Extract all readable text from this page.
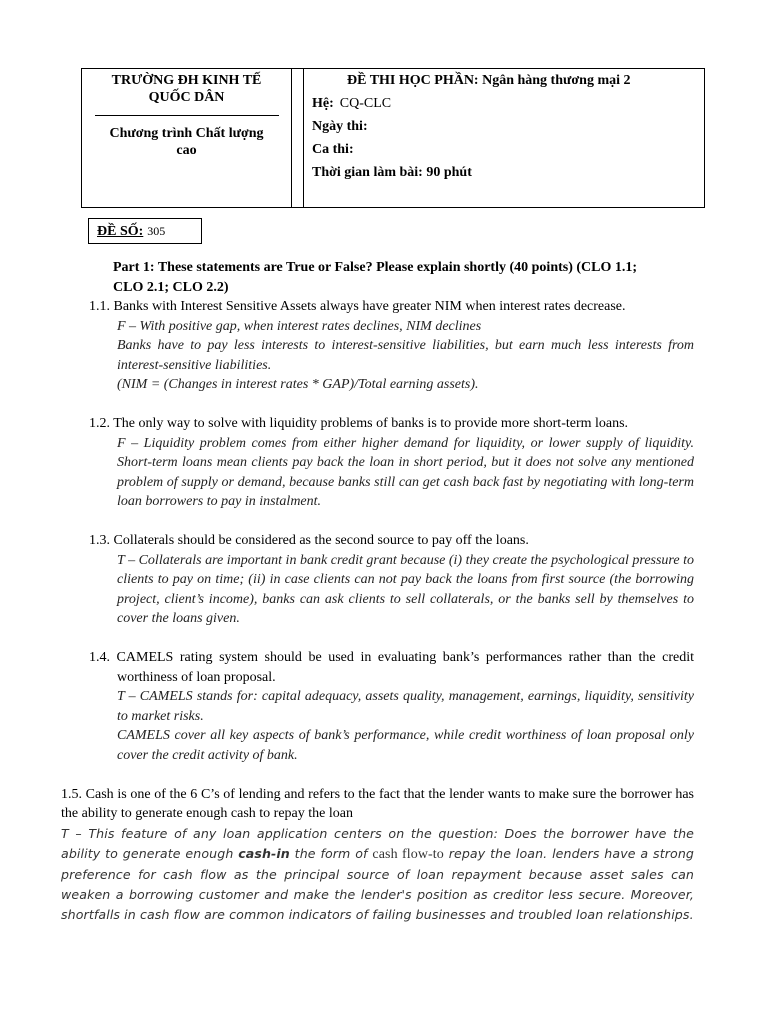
TRƯỜNG ĐH KINH TẾ QUỐC DÂN
Chương trình Chất lượng cao
ĐỀ THI HỌC PHẦN: Ngân hàng thương mại 2
Hệ: CQ-CLC
Ngày thi:
Ca thi:
Thời gian làm bài: 90 phút
ĐỀ SỐ: 305
Part 1: These statements are True or False? Please explain shortly (40 points) (CLO 1.1;
CLO 2.1; CLO 2.2)
1.1. Banks with Interest Sensitive Assets always have greater NIM when interest rates decrease.
F – With positive gap, when interest rates declines, NIM declines
Banks have to pay less interests to interest-sensitive liabilities, but earn much less interests from interest-sensitive liabilities.
(NIM = (Changes in interest rates * GAP)/Total earning assets).
1.2. The only way to solve with liquidity problems of banks is to provide more short-term loans.
F – Liquidity problem comes from either higher demand for liquidity, or lower supply of liquidity. Short-term loans mean clients pay back the loan in short period, but it does not solve any mentioned problem of supply or demand, because banks still can get cash back fast by negotiating with long-term loan borrowers to pay in instalment.
1.3. Collaterals should be considered as the second source to pay off the loans.
T – Collaterals are important in bank credit grant because (i) they create the psychological pressure to clients to pay on time; (ii) in case clients can not pay back the loans from first source (the borrowing project, client’s income), banks can ask clients to sell collaterals, or the banks sell by themselves to cover the loans given.
1.4. CAMELS rating system should be used in evaluating bank’s performances rather than the credit worthiness of loan proposal.
T – CAMELS stands for: capital adequacy, assets quality, management, earnings, liquidity, sensitivity to market risks.
CAMELS cover all key aspects of bank’s performance, while credit worthiness of loan proposal only cover the credit activity of bank.
1.5. Cash is one of the 6 C’s of lending and refers to the fact that the lender wants to make sure the borrower has the ability to generate enough cash to repay the loan
T – This feature of any loan application centers on the question: Does the borrower have the ability to generate enough cash-in the form of cash flow-to repay the loan. lenders have a strong preference for cash flow as the principal source of loan repayment because asset sales can weaken a borrowing customer and make the lender's position as creditor less secure. Moreover, shortfalls in cash flow are common indicators of failing businesses and troubled loan relationships.
